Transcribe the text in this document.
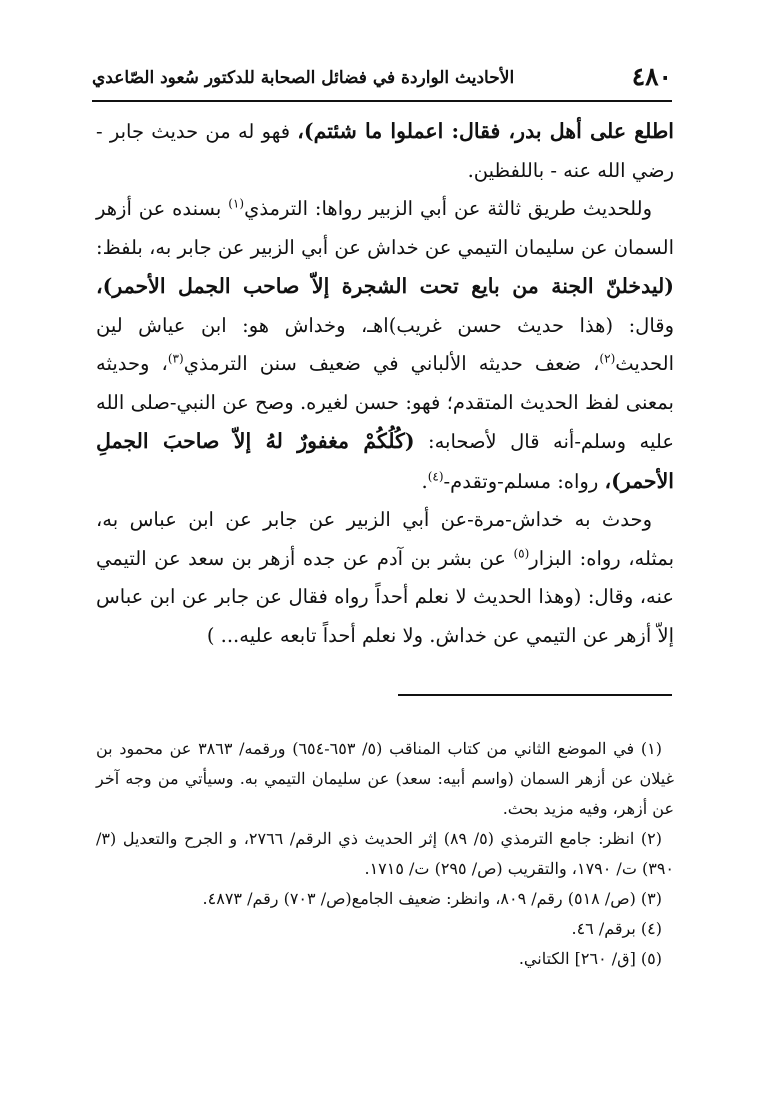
٤٨٠
الأحاديث الواردة في فضائل الصحابة للدكتور سُعود الصّاعدي

اطلع على أهل بدر، فقال: اعملوا ما شئتم)، فهو له من حديث جابر - رضي الله عنه - باللفظين.

وللحديث طريق ثالثة عن أبي الزبير رواها: الترمذي$^{(١)}$ بسنده عن أزهر السمان عن سليمان التيمي عن خداش عن أبي الزبير عن جابر به، بلفظ: (ليدخلنّ الجنة من بايع تحت الشجرة إلاّ صاحب الجمل الأحمر)، وقال: (هذا حديث حسن غريب)اهـ، وخداش هو: ابن عياش لين الحديث$^{(٢)}$، ضعف حديثه الألباني في ضعيف سنن الترمذي$^{(٣)}$، وحديثه بمعنى لفظ الحديث المتقدم؛ فهو: حسن لغيره. وصح عن النبي-صلى الله عليه وسلم-أنه قال لأصحابه: (كُلُكُمْ مغفورٌ لهُ إلاّ صاحبَ الجملِ الأحمر)، رواه: مسلم-وتقدم-$^{(٤)}$.

وحدث به خداش-مرة-عن أبي الزبير عن جابر عن ابن عباس به، بمثله، رواه: البزار$^{(٥)}$ عن بشر بن آدم عن جده أزهر بن سعد عن التيمي عنه، وقال: (وهذا الحديث لا نعلم أحداً رواه فقال عن جابر عن ابن عباس إلاّ أزهر عن التيمي عن خداش. ولا نعلم أحداً تابعه عليه... )

(١) في الموضع الثاني من كتاب المناقب (٥/ ٦٥٣-٦٥٤) ورقمه/ ٣٨٦٣ عن محمود بن غيلان عن أزهر السمان (واسم أبيه: سعد) عن سليمان التيمي به. وسيأتي من وجه آخر عن أزهر، وفيه مزيد بحث.

(٢) انظر: جامع الترمذي (٥/ ٨٩) إثر الحديث ذي الرقم/ ٢٧٦٦، و الجرح والتعديل (٣/ ٣٩٠) ت/ ١٧٩٠، والتقريب (ص/ ٢٩٥) ت/ ١٧١٥.

(٣) (ص/ ٥١٨) رقم/ ٨٠٩، وانظر: ضعيف الجامع(ص/ ٧٠٣) رقم/ ٤٨٧٣.

(٤) برقم/ ٤٦.

(٥) [ق/ ٢٦٠] الكتاني.
